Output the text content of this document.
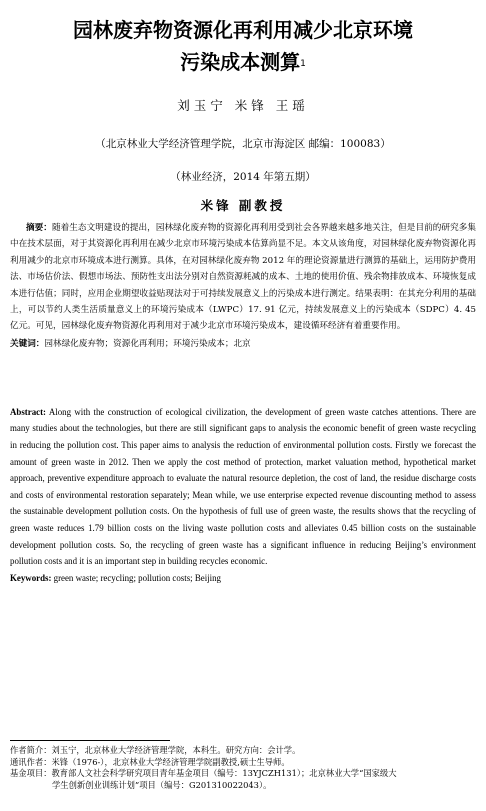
园林废弃物资源化再利用减少北京环境
污染成本测算$^1$
刘玉宁 米锋 王瑶
（北京林业大学经济管理学院，北京市海淀区 邮编：100083）
（林业经济，2014 年第五期）
米锋 副教授
摘要：随着生态文明建设的提出，园林绿化废弃物的资源化再利用受到社会各界越来越多地关注，但是目前的研究多集中在技术层面，对于其资源化再利用在减少北京市环境污染成本估算尚显不足。本文从该角度，对园林绿化废弃物资源化再利用减少的北京市环境成本进行测算。具体，在对园林绿化废弃物 2012 年的理论资源量进行测算的基础上，运用防护费用法、市场估价法、假想市场法、预防性支出法分别对自然资源耗减的成本、土地的使用价值、残余物排放成本、环境恢复成本进行估值；同时，应用企业期望收益贴现法对于可持续发展意义上的污染成本进行测定。结果表明：在其充分利用的基础上，可以节约人类生活质量意义上的环境污染成本（LWPC）17. 91 亿元，持续发展意义上的污染成本（SDPC）4. 45 亿元。可见，园林绿化废弃物资源化再利用对于减少北京市环境污染成本，建设循环经济有着重要作用。
关键词：园林绿化废弃物；资源化再利用；环境污染成本；北京
Abstract: Along with the construction of ecological civilization, the development of green waste catches attentions. There are many studies about the technologies, but there are still significant gaps to analysis the economic benefit of green waste recycling in reducing the pollution cost. This paper aims to analysis the reduction of environmental pollution costs. Firstly we forecast the amount of green waste in 2012. Then we apply the cost method of protection, market valuation method, hypothetical market approach, preventive expenditure approach to evaluate the natural resource depletion, the cost of land, the residue discharge costs and costs of environmental restoration separately; Mean while, we use enterprise expected revenue discounting method to assess the sustainable development pollution costs. On the hypothesis of full use of green waste, the results shows that the recycling of green waste reduces 1.79 billion costs on the living waste pollution costs and alleviates 0.45 billion costs on the sustainable development pollution costs. So, the recycling of green waste has a significant influence in reducing Beijing’s environment pollution costs and it is an important step in building recycles economic.
Keywords: green waste; recycling; pollution costs; Beijing

作者简介：刘玉宁，北京林业大学经济管理学院，本科生。研究方向：会计学。

通讯作者：米锋（1976-），北京林业大学经济管理学院副教授,硕士生导师。

基金项目：教育部人文社会科学研究项目青年基金项目（编号：13YJCZH131）；北京林业大学“国家级大

学生创新创业训练计划”项目（编号：G201310022043）。
